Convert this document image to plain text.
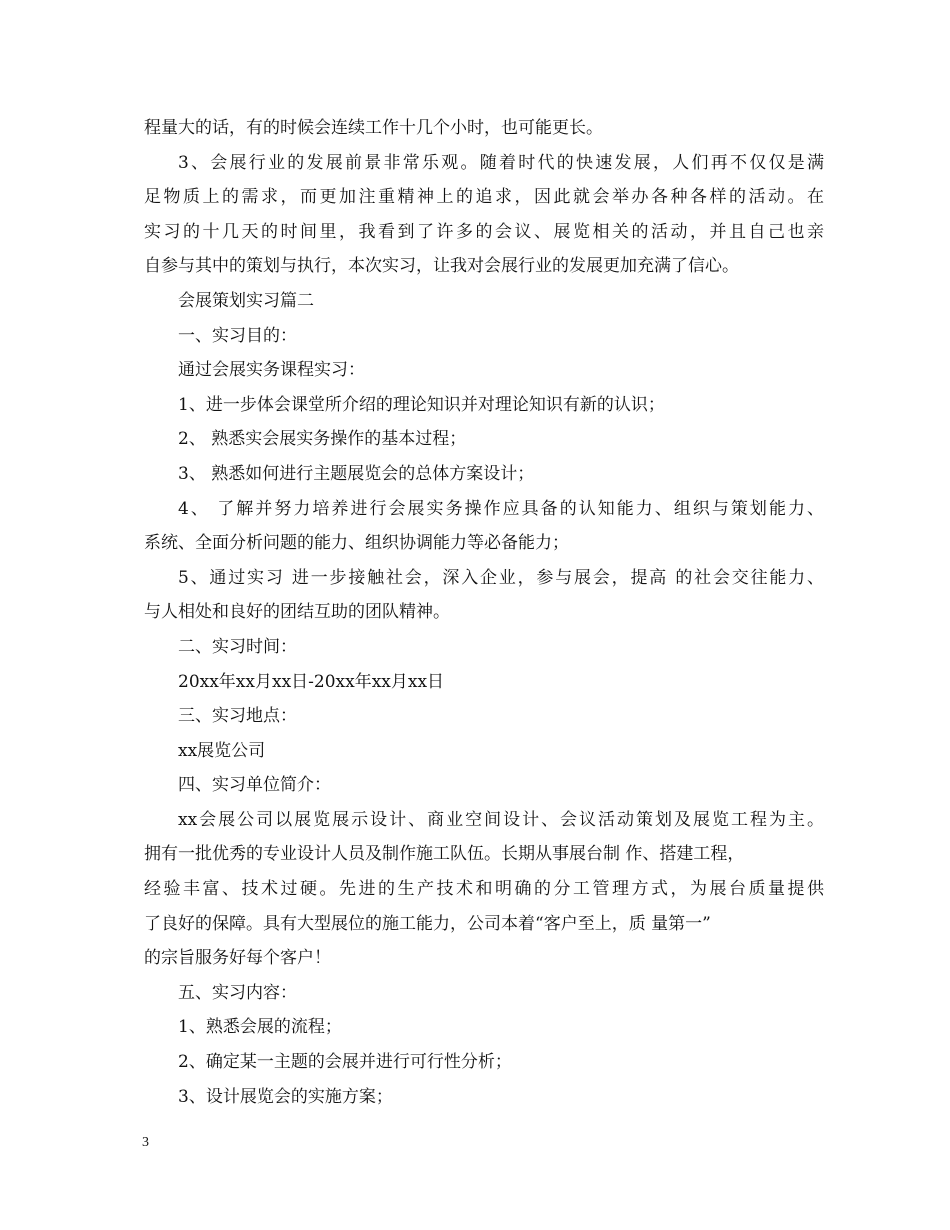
程量大的话，有的时候会连续工作十几个小时，也可能更长。
3、会展行业的发展前景非常乐观。随着时代的快速发展，人们再不仅仅是满
足物质上的需求，而更加注重精神上的追求，因此就会举办各种各样的活动。在
实习的十几天的时间里，我看到了许多的会议、展览相关的活动，并且自己也亲
自参与其中的策划与执行，本次实习，让我对会展行业的发展更加充满了信心。
会展策划实习篇二
一、实习目的：
通过会展实务课程实习：
1、进一步体会课堂所介绍的理论知识并对理论知识有新的认识；
2、 熟悉实会展实务操作的基本过程；
3、 熟悉如何进行主题展览会的总体方案设计；
4、 了解并努力培养进行会展实务操作应具备的认知能力、组织与策划能力、
系统、全面分析问题的能力、组织协调能力等必备能力；
5、通过实习 进一步接触社会，深入企业，参与展会，提高 的社会交往能力、
与人相处和良好的团结互助的团队精神。
二、实习时间：
20xx年xx月xx日-20xx年xx月xx日
三、实习地点：
xx展览公司
四、实习单位简介：
xx会展公司以展览展示设计、商业空间设计、会议活动策划及展览工程为主。
拥有一批优秀的专业设计人员及制作施工队伍。长期从事展台制 作、搭建工程，
经验丰富、技术过硬。先进的生产技术和明确的分工管理方式，为展台质量提供
了良好的保障。具有大型展位的施工能力，公司本着“客户至上，质 量第一”
的宗旨服务好每个客户！
五、实习内容：
1、熟悉会展的流程；
2、确定某一主题的会展并进行可行性分析；
3、设计展览会的实施方案；
3
